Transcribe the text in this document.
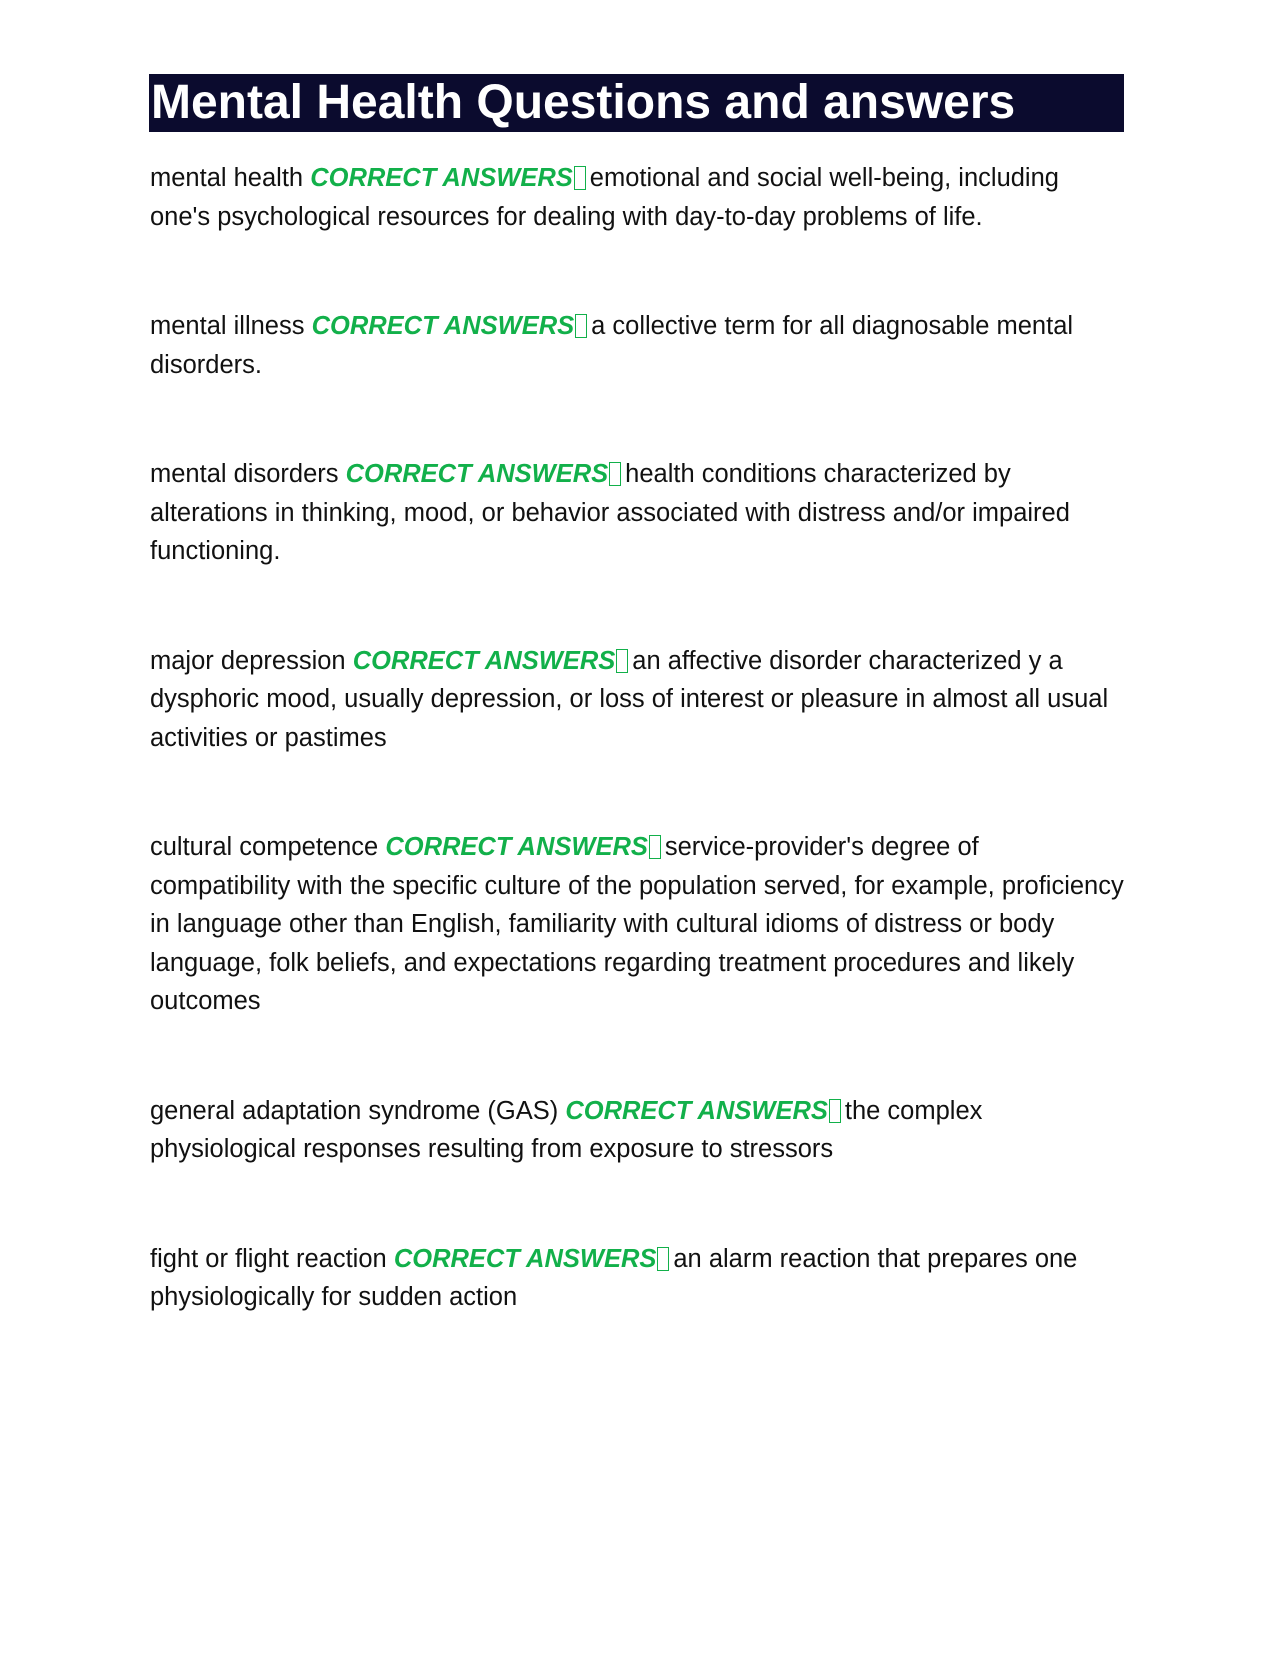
Mental Health Questions and answers

mental health CORRECT ANSWERS emotional and social well-being, including one's psychological resources for dealing with day-to-day problems of life.

mental illness CORRECT ANSWERS a collective term for all diagnosable mental disorders.

mental disorders CORRECT ANSWERS health conditions characterized by alterations in thinking, mood, or behavior associated with distress and/or impaired functioning.

major depression CORRECT ANSWERS an affective disorder characterized y a dysphoric mood, usually depression, or loss of interest or pleasure in almost all usual activities or pastimes

cultural competence CORRECT ANSWERS service-provider's degree of compatibility with the specific culture of the population served, for example, proficiency in language other than English, familiarity with cultural idioms of distress or body language, folk beliefs, and expectations regarding treatment procedures and likely outcomes

general adaptation syndrome (GAS) CORRECT ANSWERS the complex physiological responses resulting from exposure to stressors

fight or flight reaction CORRECT ANSWERS an alarm reaction that prepares one physiologically for sudden action
